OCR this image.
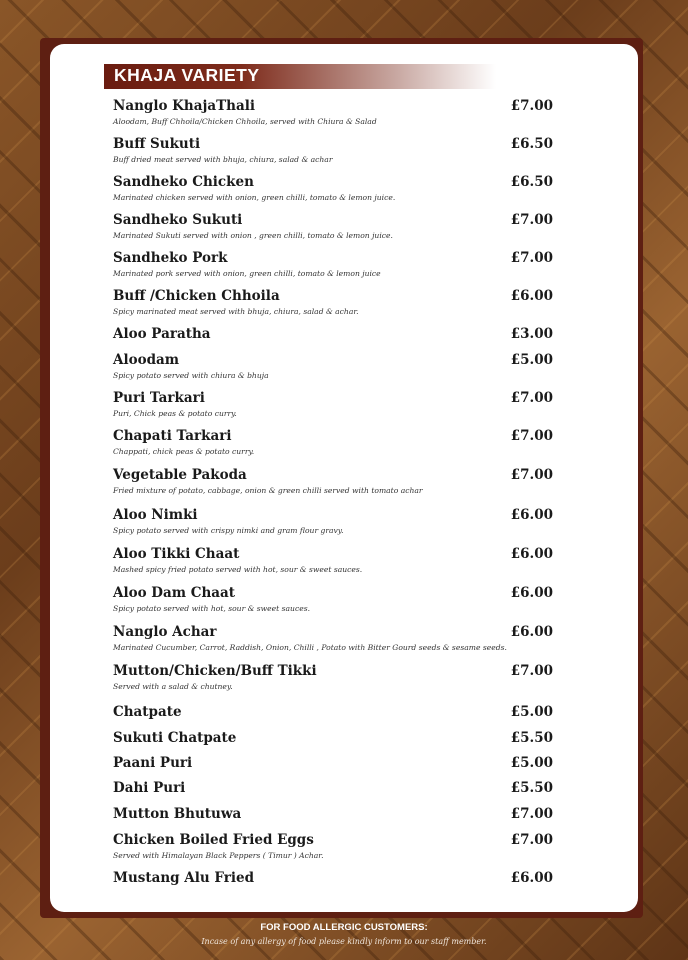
KHAJA VARIETY
Nanglo KhajaThali	£7.00
Aloodam, Buff Chhoila/Chicken Chhoila, served with Chiura & Salad
Buff Sukuti	£6.50
Buff dried meat served with bhuja, chiura, salad & achar
Sandheko Chicken	£6.50
Marinated chicken served with onion, green chilli, tomato & lemon juice.
Sandheko Sukuti	£7.00
Marinated Sukuti served with onion , green chilli, tomato & lemon juice.
Sandheko Pork	£7.00
Marinated pork served with onion, green chilli, tomato & lemon juice
Buff /Chicken Chhoila	£6.00
Spicy marinated meat served with bhuja, chiura, salad & achar.
Aloo Paratha	£3.00
Aloodam	£5.00
Spicy potato served with chiura & bhuja
Puri Tarkari	£7.00
Puri, Chick peas & potato curry.
Chapati Tarkari	£7.00
Chappati, chick peas & potato curry.
Vegetable Pakoda	£7.00
Fried mixture of potato, cabbage, onion & green chilli served with tomato achar
Aloo Nimki	£6.00
Spicy potato served with crispy nimki and gram flour gravy.
Aloo Tikki Chaat	£6.00
Mashed spicy fried potato served with hot, sour & sweet sauces.
Aloo Dam Chaat	£6.00
Spicy potato served with hot, sour & sweet sauces.
Nanglo Achar	£6.00
Marinated Cucumber, Carrot, Raddish, Onion, Chilli , Potato with Bitter Gourd seeds & sesame seeds.
Mutton/Chicken/Buff Tikki	£7.00
Served with a salad & chutney.
Chatpate	£5.00
Sukuti Chatpate	£5.50
Paani Puri	£5.00
Dahi Puri	£5.50
Mutton Bhutuwa	£7.00
Chicken Boiled Fried Eggs	£7.00
Served with Himalayan Black Peppers ( Timur ) Achar.
Mustang Alu Fried	£6.00
FOR FOOD ALLERGIC CUSTOMERS:
Incase of any allergy of food please kindly inform to our staff member.
